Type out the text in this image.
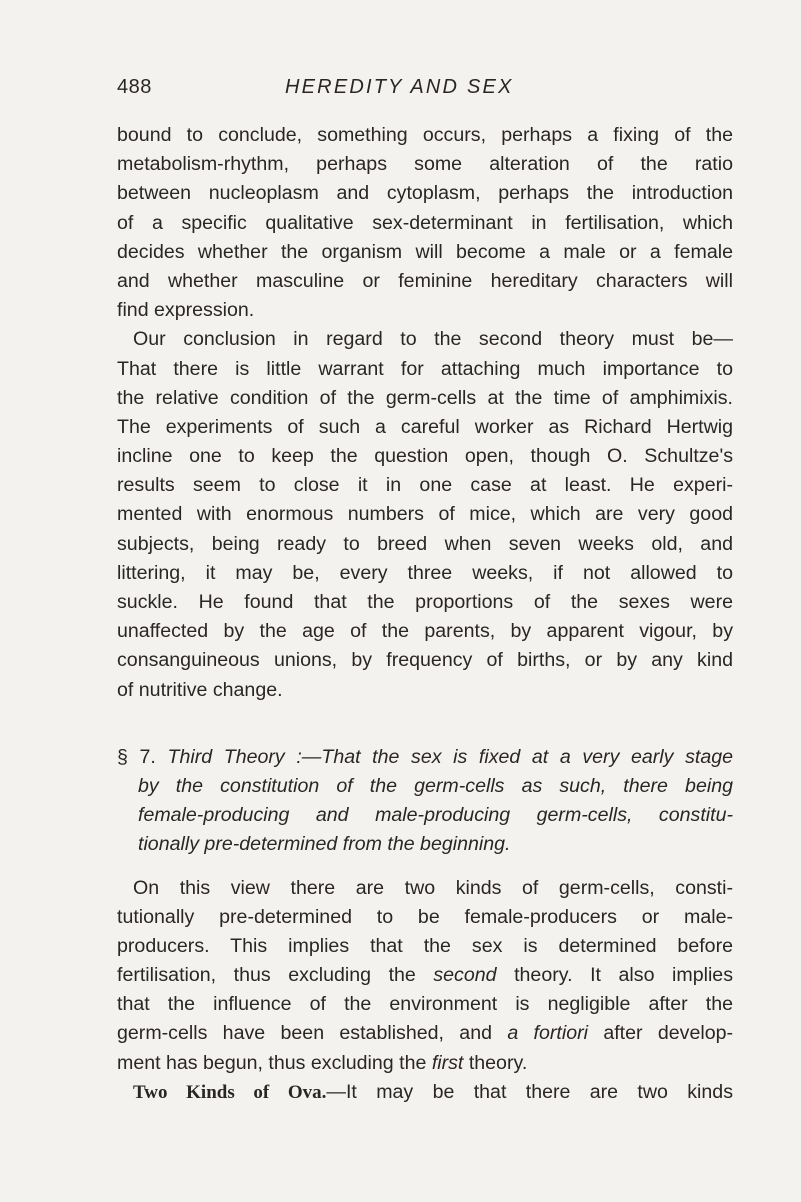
488	HEREDITY AND SEX
bound to conclude, something occurs, perhaps a fixing of the
metabolism-rhythm, perhaps some alteration of the ratio
between nucleoplasm and cytoplasm, perhaps the introduction
of a specific qualitative sex-determinant in fertilisation, which
decides whether the organism will become a male or a female
and whether masculine or feminine hereditary characters will
find expression.
Our conclusion in regard to the second theory must be—
That there is little warrant for attaching much importance to
the relative condition of the germ-cells at the time of amphimixis.
The experiments of such a careful worker as Richard Hertwig
incline one to keep the question open, though O. Schultze's
results seem to close it in one case at least. He experi-
mented with enormous numbers of mice, which are very good
subjects, being ready to breed when seven weeks old, and
littering, it may be, every three weeks, if not allowed to
suckle. He found that the proportions of the sexes were
unaffected by the age of the parents, by apparent vigour, by
consanguineous unions, by frequency of births, or by any kind
of nutritive change.
§ 7. Third Theory :—That the sex is fixed at a very early stage
by the constitution of the germ-cells as such, there being
female-producing and male-producing germ-cells, constitu-
tionally pre-determined from the beginning.
On this view there are two kinds of germ-cells, consti-
tutionally pre-determined to be female-producers or male-
producers. This implies that the sex is determined before
fertilisation, thus excluding the second theory. It also implies
that the influence of the environment is negligible after the
germ-cells have been established, and a fortiori after develop-
ment has begun, thus excluding the first theory.
Two Kinds of Ova.—It may be that there are two kinds
